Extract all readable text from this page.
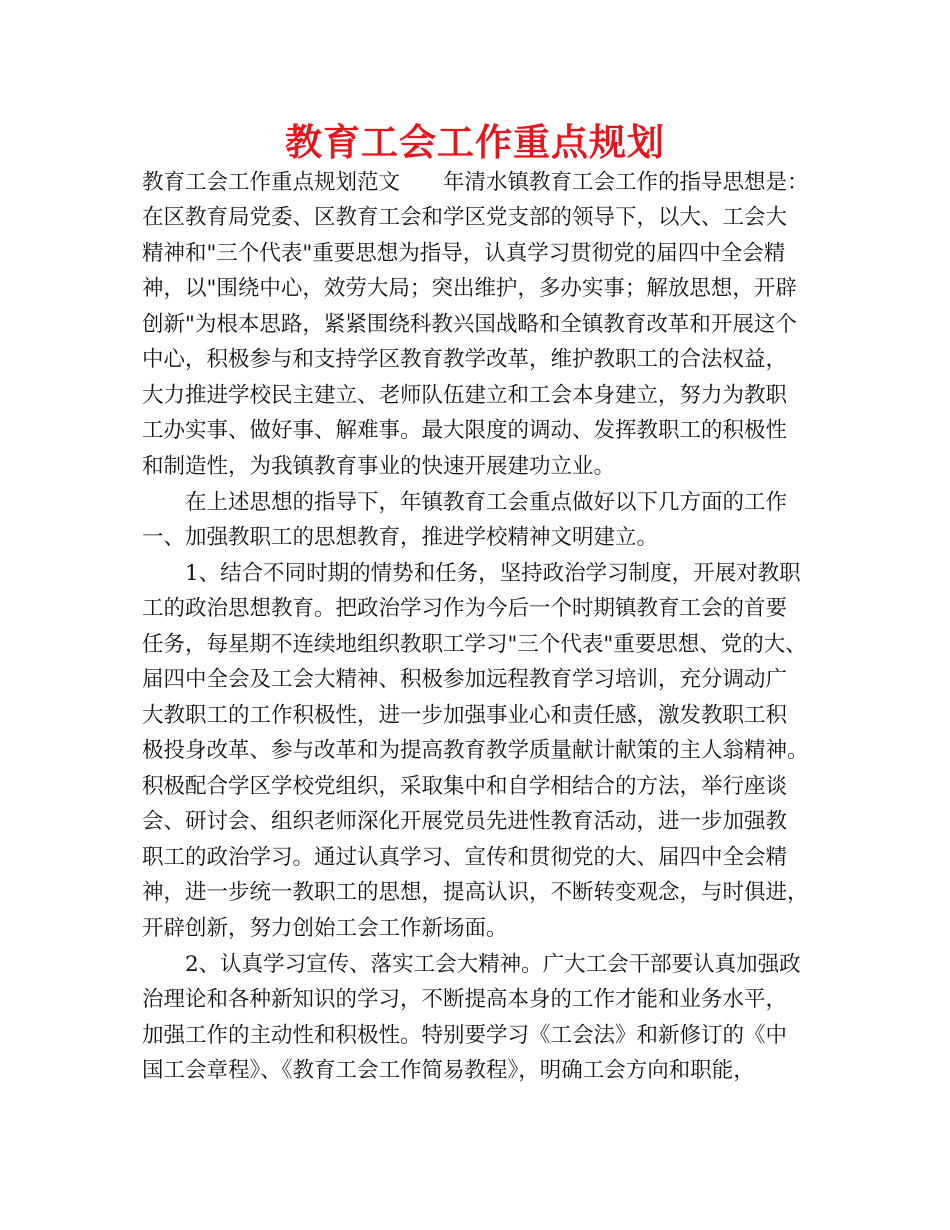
教育工会工作重点规划
教育工会工作重点规划范文　　年清水镇教育工会工作的指导思想是：
在区教育局党委、区教育工会和学区党支部的领导下，以大、工会大
精神和"三个代表"重要思想为指导，认真学习贯彻党的届四中全会精
神，以"围绕中心，效劳大局；突出维护，多办实事；解放思想，开辟
创新"为根本思路，紧紧围绕科教兴国战略和全镇教育改革和开展这个
中心，积极参与和支持学区教育教学改革，维护教职工的合法权益，
大力推进学校民主建立、老师队伍建立和工会本身建立，努力为教职
工办实事、做好事、解难事。最大限度的调动、发挥教职工的积极性
和制造性，为我镇教育事业的快速开展建功立业。
　　在上述思想的指导下，年镇教育工会重点做好以下几方面的工作
一、加强教职工的思想教育，推进学校精神文明建立。
　　1、结合不同时期的情势和任务，坚持政治学习制度，开展对教职
工的政治思想教育。把政治学习作为今后一个时期镇教育工会的首要
任务，每星期不连续地组织教职工学习"三个代表"重要思想、党的大、
届四中全会及工会大精神、积极参加远程教育学习培训，充分调动广
大教职工的工作积极性，进一步加强事业心和责任感，激发教职工积
极投身改革、参与改革和为提高教育教学质量献计献策的主人翁精神。
积极配合学区学校党组织，采取集中和自学相结合的方法，举行座谈
会、研讨会、组织老师深化开展党员先进性教育活动，进一步加强教
职工的政治学习。通过认真学习、宣传和贯彻党的大、届四中全会精
神，进一步统一教职工的思想，提高认识，不断转变观念，与时俱进，
开辟创新，努力创始工会工作新场面。
　　2、认真学习宣传、落实工会大精神。广大工会干部要认真加强政
治理论和各种新知识的学习，不断提高本身的工作才能和业务水平，
加强工作的主动性和积极性。特别要学习《工会法》和新修订的《中
国工会章程》、《教育工会工作简易教程》，明确工会方向和职能，
